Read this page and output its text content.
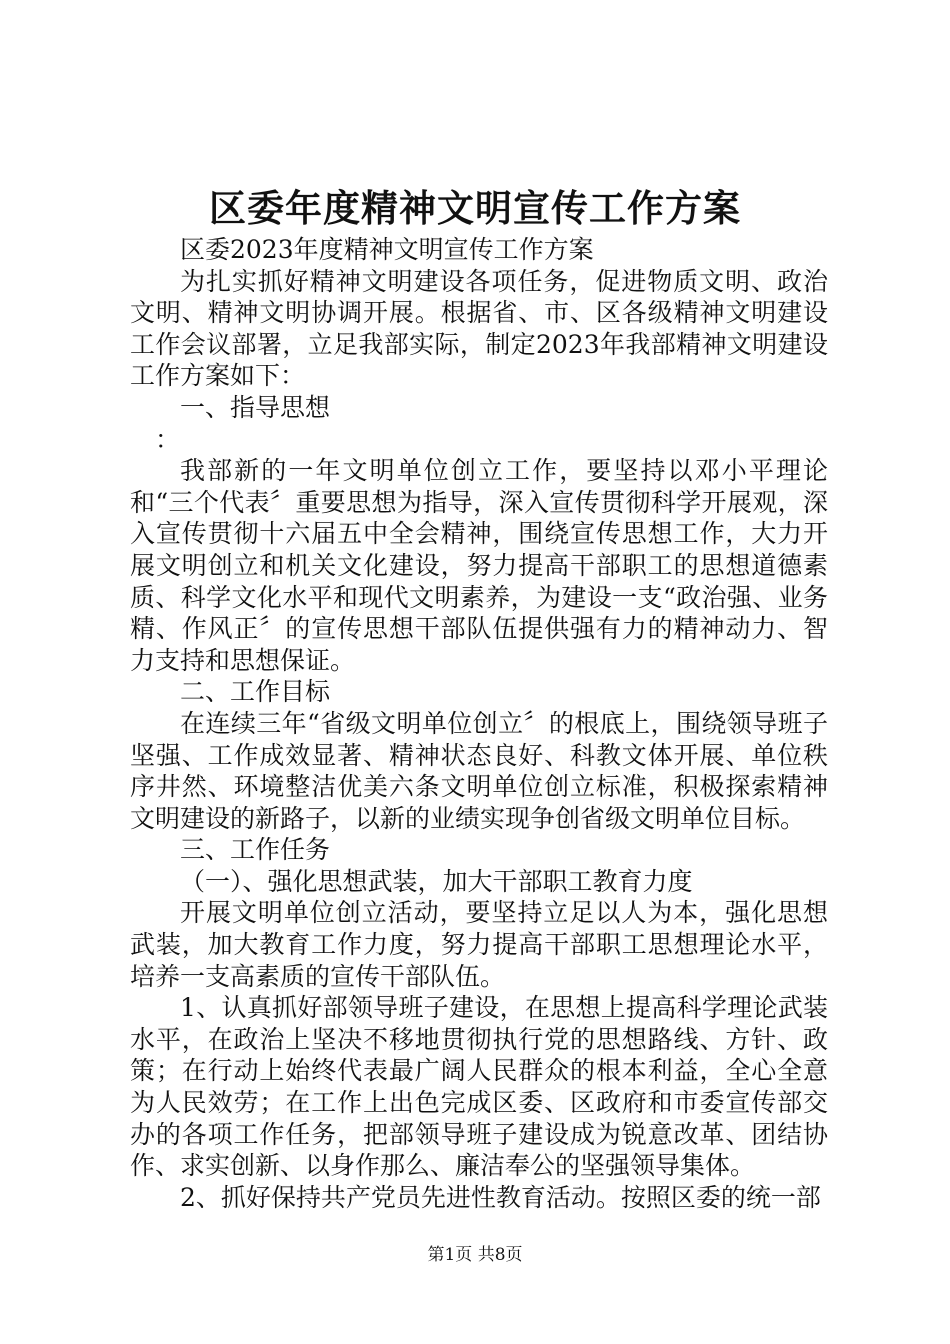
区委年度精神文明宣传工作方案

区委2023年度精神文明宣传工作方案

为扎实抓好精神文明建设各项任务，促进物质文明、政治文明、精神文明协调开展。根据省、市、区各级精神文明建设工作会议部署，立足我部实际，制定2023年我部精神文明建设工作方案如下：

一、指导思想

：

我部新的一年文明单位创立工作，要坚持以邓小平理论和“三个代表〞重要思想为指导，深入宣传贯彻科学开展观，深入宣传贯彻十六届五中全会精神，围绕宣传思想工作，大力开展文明创立和机关文化建设，努力提高干部职工的思想道德素质、科学文化水平和现代文明素养，为建设一支“政治强、业务精、作风正〞的宣传思想干部队伍提供强有力的精神动力、智力支持和思想保证。

二、工作目标

在连续三年“省级文明单位创立〞的根底上，围绕领导班子坚强、工作成效显著、精神状态良好、科教文体开展、单位秩序井然、环境整洁优美六条文明单位创立标准，积极探索精神文明建设的新路子，以新的业绩实现争创省级文明单位目标。

三、工作任务

（一）、强化思想武装，加大干部职工教育力度

开展文明单位创立活动，要坚持立足以人为本，强化思想武装，加大教育工作力度，努力提高干部职工思想理论水平，培养一支高素质的宣传干部队伍。

1、认真抓好部领导班子建设，在思想上提高科学理论武装水平，在政治上坚决不移地贯彻执行党的思想路线、方针、政策；在行动上始终代表最广阔人民群众的根本利益，全心全意为人民效劳；在工作上出色完成区委、区政府和市委宣传部交办的各项工作任务，把部领导班子建设成为锐意改革、团结协作、求实创新、以身作那么、廉洁奉公的坚强领导集体。

2、抓好保持共产党员先进性教育活动。按照区委的统一部

第1页 共8页
